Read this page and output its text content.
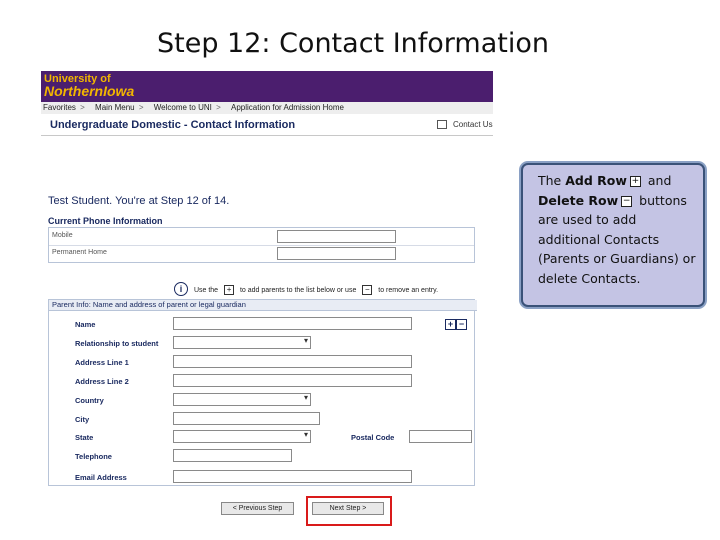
Step 12: Contact Information
University of
NorthernIowa
Favorites > Main Menu > Welcome to UNI > Application for Admission Home
Undergraduate Domestic - Contact Information	Contact Us
Test Student. You're at Step 12 of 14.
Current Phone Information
Mobile
Permanent Home
i Use the + to add parents to the list below or use − to remove an entry.
Parent Info: Name and address of parent or legal guardian
+ −
Name
Relationship to student
▾
Address Line 1
Address Line 2
Country
▾
City
State
▾	Postal Code
Telephone
Email Address
< Previous Step	Next Step >
The Add Row + and Delete Row − buttons are used to add additional Contacts (Parents or Guardians) or delete Contacts.
